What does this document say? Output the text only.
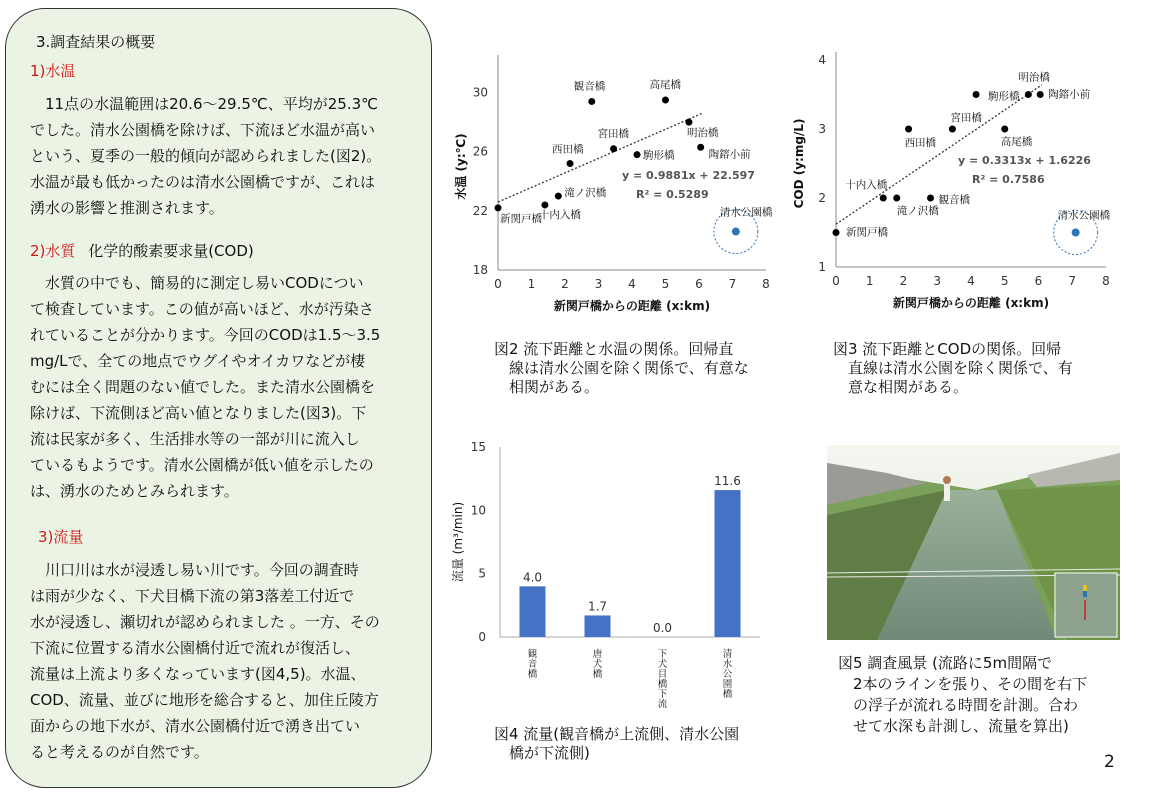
3.調査結果の概要
1)水温
　11点の水温範囲は20.6～29.5℃、平均が25.3℃
でした。清水公園橋を除けば、下流ほど水温が高い
という、夏季の一般的傾向が認められました(図2)。
水温が最も低かったのは清水公園橋ですが、これは
湧水の影響と推測されます。
2)水質 化学的酸素要求量(COD)
　水質の中でも、簡易的に測定し易いCODについ
て検査しています。この値が高いほど、水が汚染さ
れていることが分かります。今回のCODは1.5～3.5
mg/Lで、全ての地点でウグイやオイカワなどが棲
むには全く問題のない値でした。また清水公園橋を
除けば、下流側ほど高い値となりました(図3)。下
流は民家が多く、生活排水等の一部が川に流入し
ているもようです。清水公園橋が低い値を示したの
は、湧水のためとみられます。
3)流量
　川口川は水が浸透し易い川です。今回の調査時
は雨が少なく、下犬目橋下流の第3落差工付近で
水が浸透し、瀬切れが認められました 。一方、その
下流に位置する清水公園橋付近で流れが復活し、
流量は上流より多くなっています(図4,5)。水温、
COD、流量、並びに地形を総合すると、加住丘陵方
面からの地下水が、清水公園橋付近で湧き出てい
ると考えるのが自然です。
0 1 2 3 4 5 6 7 8
18
22
26
30
新関戸橋からの距離 (x:km)
水温 (y:℃)
新関戸橋
十内入橋
滝ノ沢橋
西田橋
観音橋
宮田橋
駒形橋
高尾橋
明治橋
陶鎔小前
清水公園橋
y = 0.9881x + 22.597
R² = 0.5289
図2 流下距離と水温の関係。回帰直
線は清水公園を除く関係で、有意な
相関がある。
0 1 2 3 4 5 6 7 8
1
2
3
4
新関戸橋からの距離 (x:km)
COD (y:mg/L)
新関戸橋
十内入橋
滝ノ沢橋
観音橋
西田橋
宮田橋
高尾橋
駒形橋
明治橋
陶鎔小前
清水公園橋
y = 0.3313x + 1.6226
R² = 0.7586
図3 流下距離とCODの関係。回帰
直線は清水公園を除く関係で、有
意な相関がある。
0
5
10
15
流量 (m³/min)	4.0
観
音
橋
1.7
唐
犬
橋
0.0
下
犬
目
橋
下
流
11.6
清
水
公
園
橋
図4 流量(観音橋が上流側、清水公園
橋が下流側)
図5 調査風景 (流路に5m間隔で
2本のラインを張り、その間を右下
の浮子が流れる時間を計測。合わ
せて水深も計測し、流量を算出)
2
